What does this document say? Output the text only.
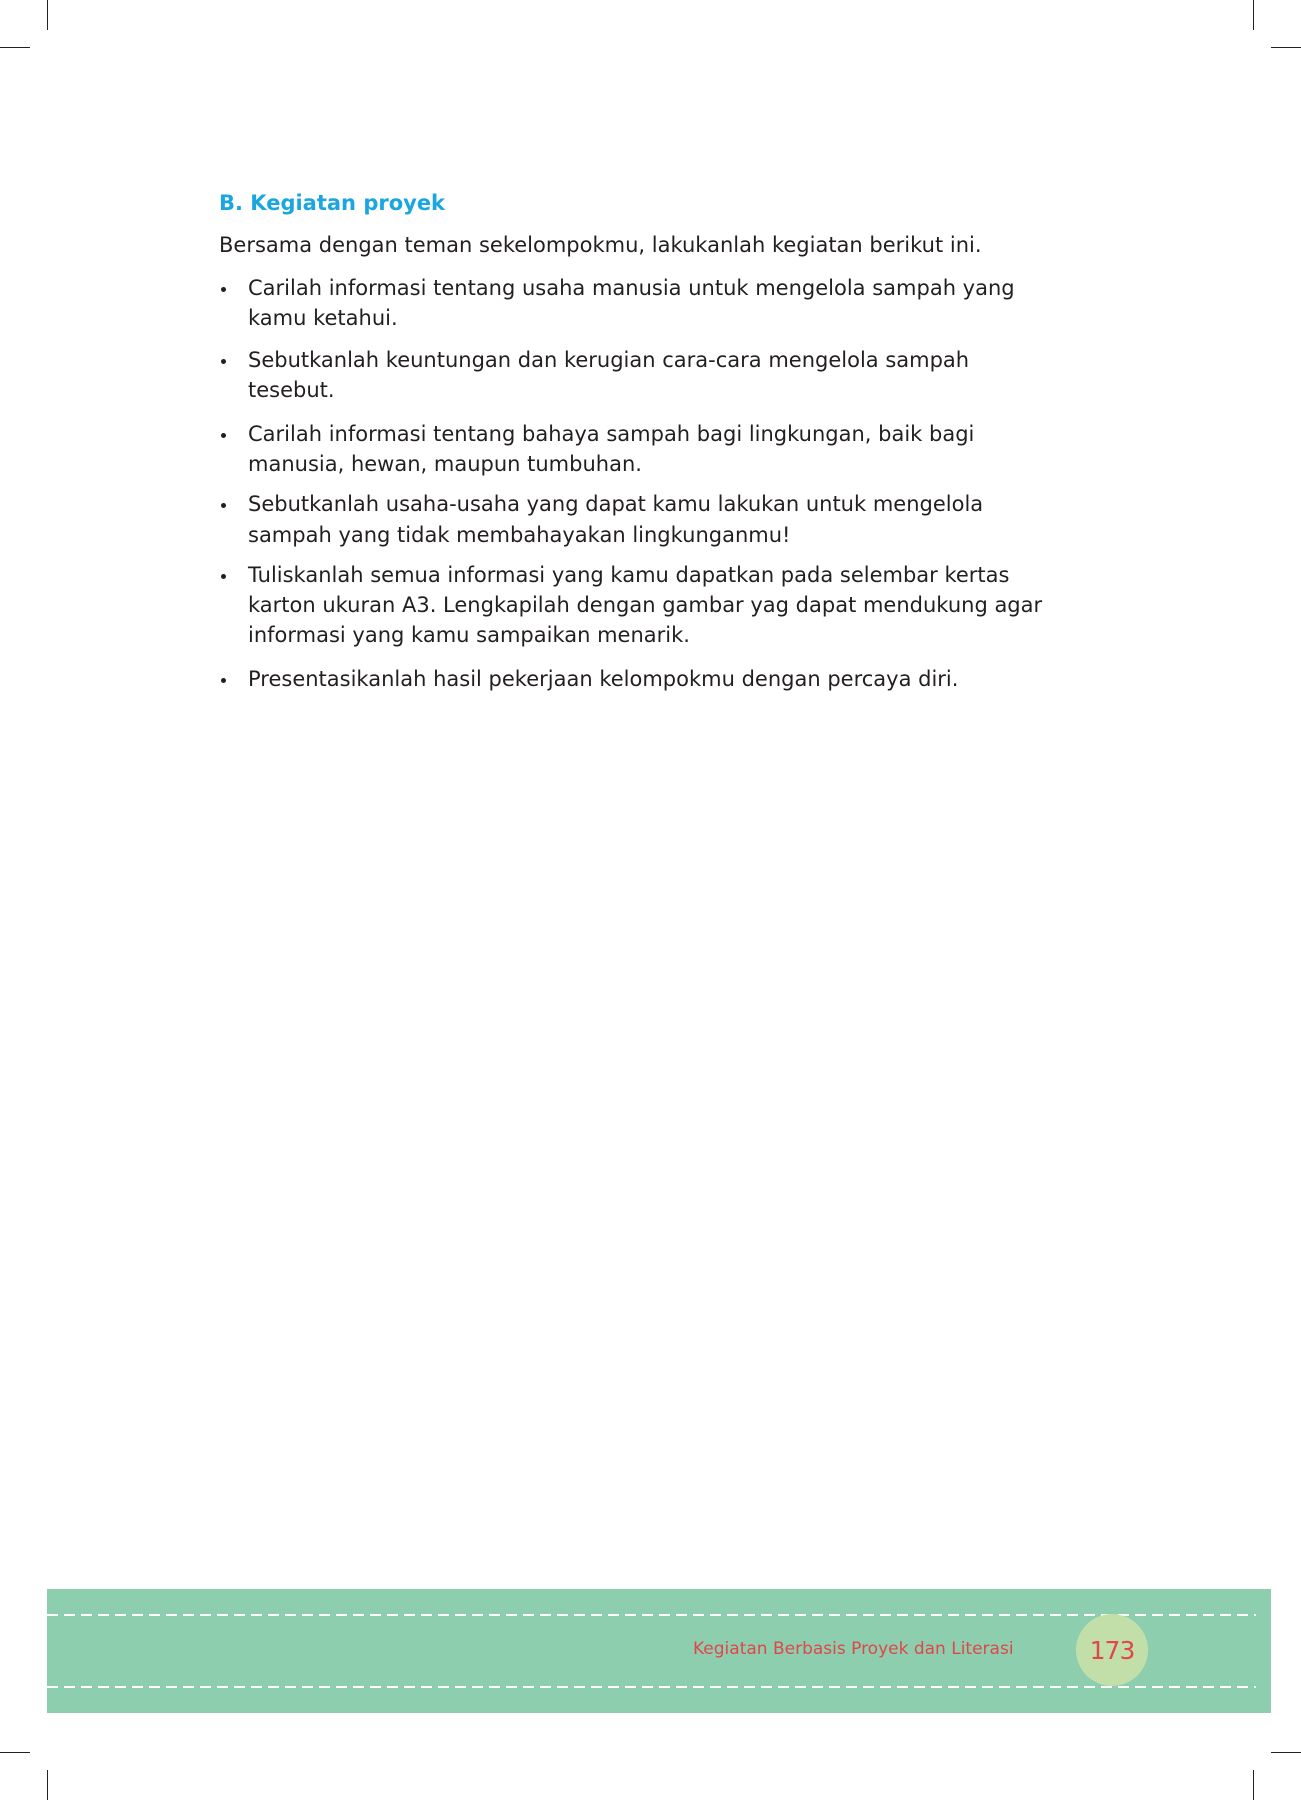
B. Kegiatan proyek
Bersama dengan teman sekelompokmu, lakukanlah kegiatan berikut ini.
Carilah informasi tentang usaha manusia untuk mengelola sampah yang
kamu ketahui.
Sebutkanlah keuntungan dan kerugian cara-cara mengelola sampah
tesebut.
Carilah informasi tentang bahaya sampah bagi lingkungan, baik bagi
manusia, hewan, maupun tumbuhan.
Sebutkanlah usaha-usaha yang dapat kamu lakukan untuk mengelola
sampah yang tidak membahayakan lingkunganmu!
Tuliskanlah semua informasi yang kamu dapatkan pada selembar kertas
karton ukuran A3. Lengkapilah dengan gambar yag dapat mendukung agar
informasi yang kamu sampaikan menarik.
Presentasikanlah hasil pekerjaan kelompokmu dengan percaya diri.
Kegiatan Berbasis Proyek dan Literasi	173
